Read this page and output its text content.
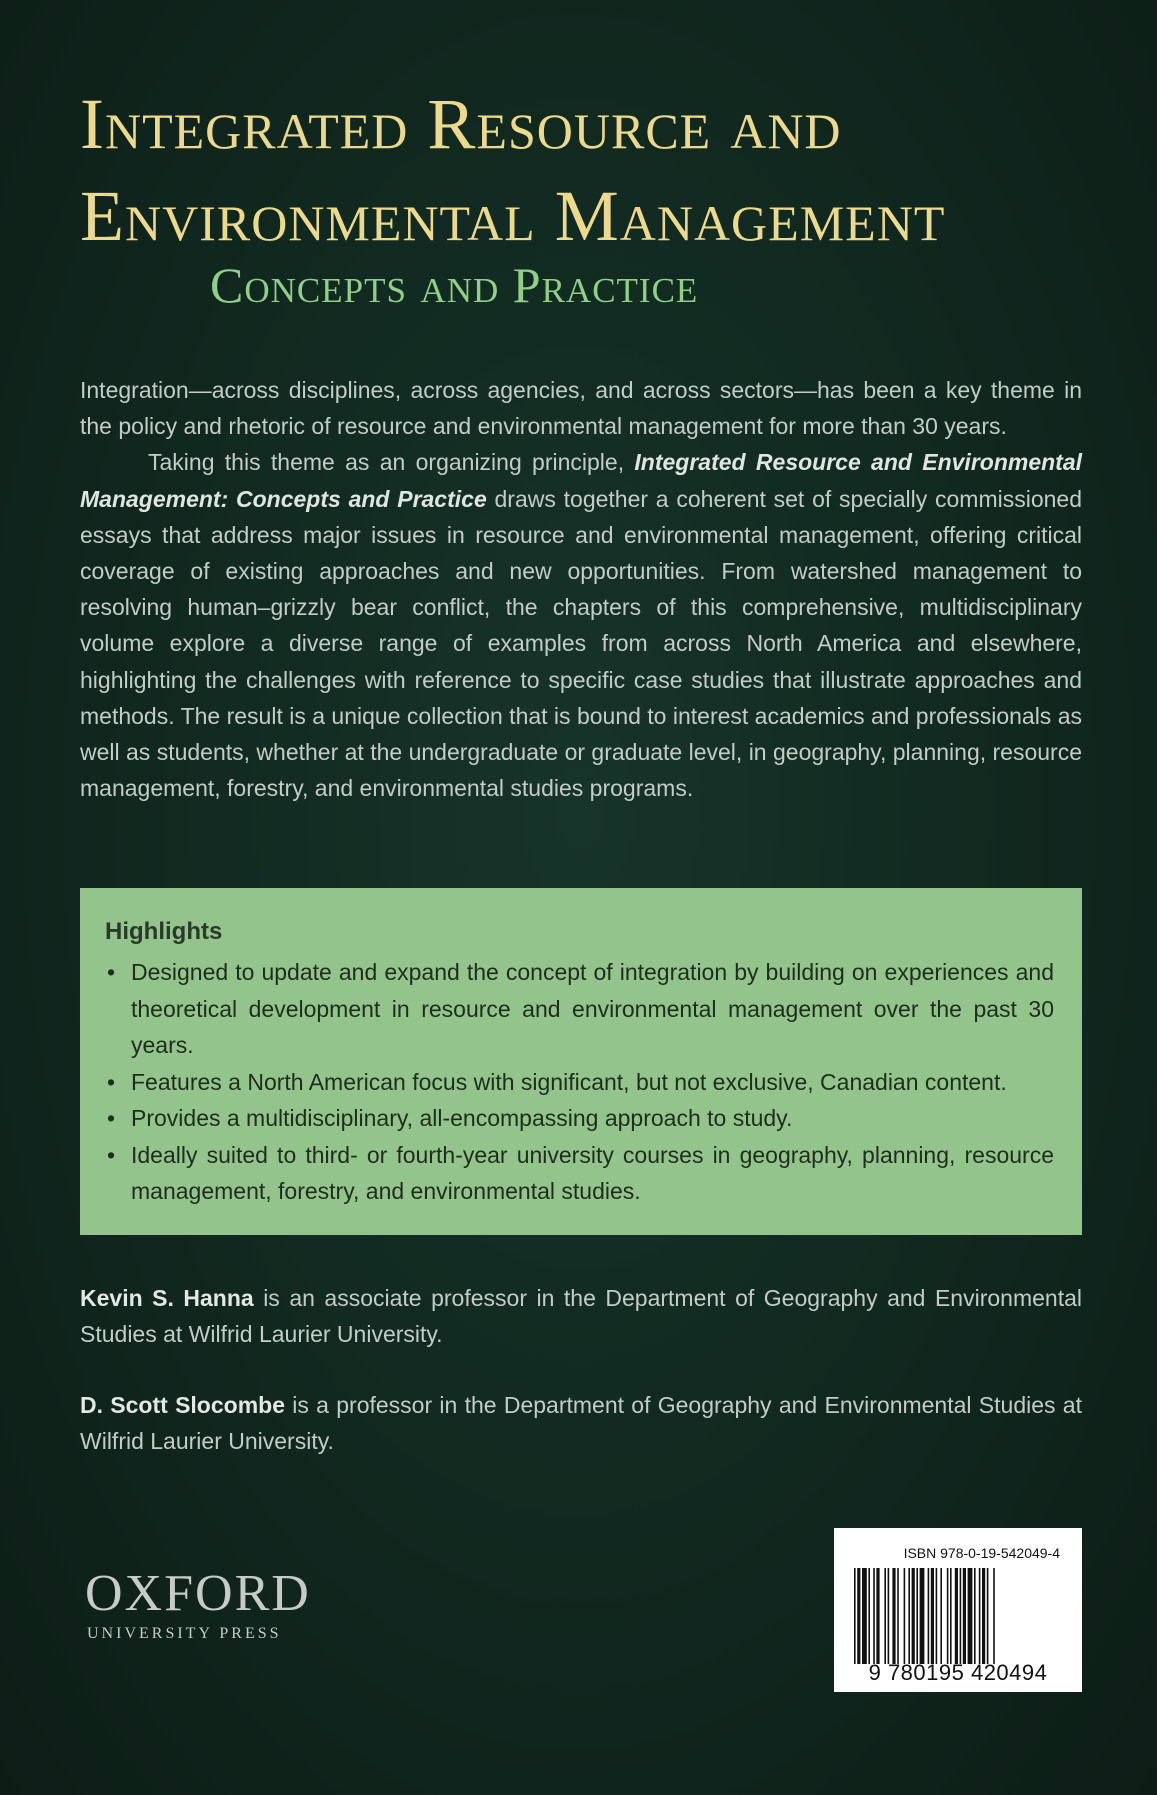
Integrated Resource and
Environmental Management
Concepts and Practice

Integration—across disciplines, across agencies, and across sectors—has been a key theme in the policy and rhetoric of resource and environmental management for more than 30 years.

Taking this theme as an organizing principle, Integrated Resource and Environmental Management: Concepts and Practice draws together a coherent set of specially commissioned essays that address major issues in resource and environmental management, offering critical coverage of existing approaches and new opportunities. From watershed management to resolving human–grizzly bear conflict, the chapters of this comprehensive, multidisciplinary volume explore a diverse range of examples from across North America and elsewhere, highlighting the challenges with reference to specific case studies that illustrate approaches and methods. The result is a unique collection that is bound to interest academics and professionals as well as students, whether at the undergraduate or graduate level, in geography, planning, resource management, forestry, and environmental studies programs.

Highlights
• Designed to update and expand the concept of integration by building on experiences and theoretical development in resource and environmental management over the past 30 years.
• Features a North American focus with significant, but not exclusive, Canadian content.
• Provides a multidisciplinary, all-encompassing approach to study.
• Ideally suited to third- or fourth-year university courses in geography, planning, resource management, forestry, and environmental studies.

Kevin S. Hanna is an associate professor in the Department of Geography and Environmental Studies at Wilfrid Laurier University.

D. Scott Slocombe is a professor in the Department of Geography and Environmental Studies at Wilfrid Laurier University.

OXFORD
UNIVERSITY PRESS
ISBN 978-0-19-542049-4
9 780195 420494
